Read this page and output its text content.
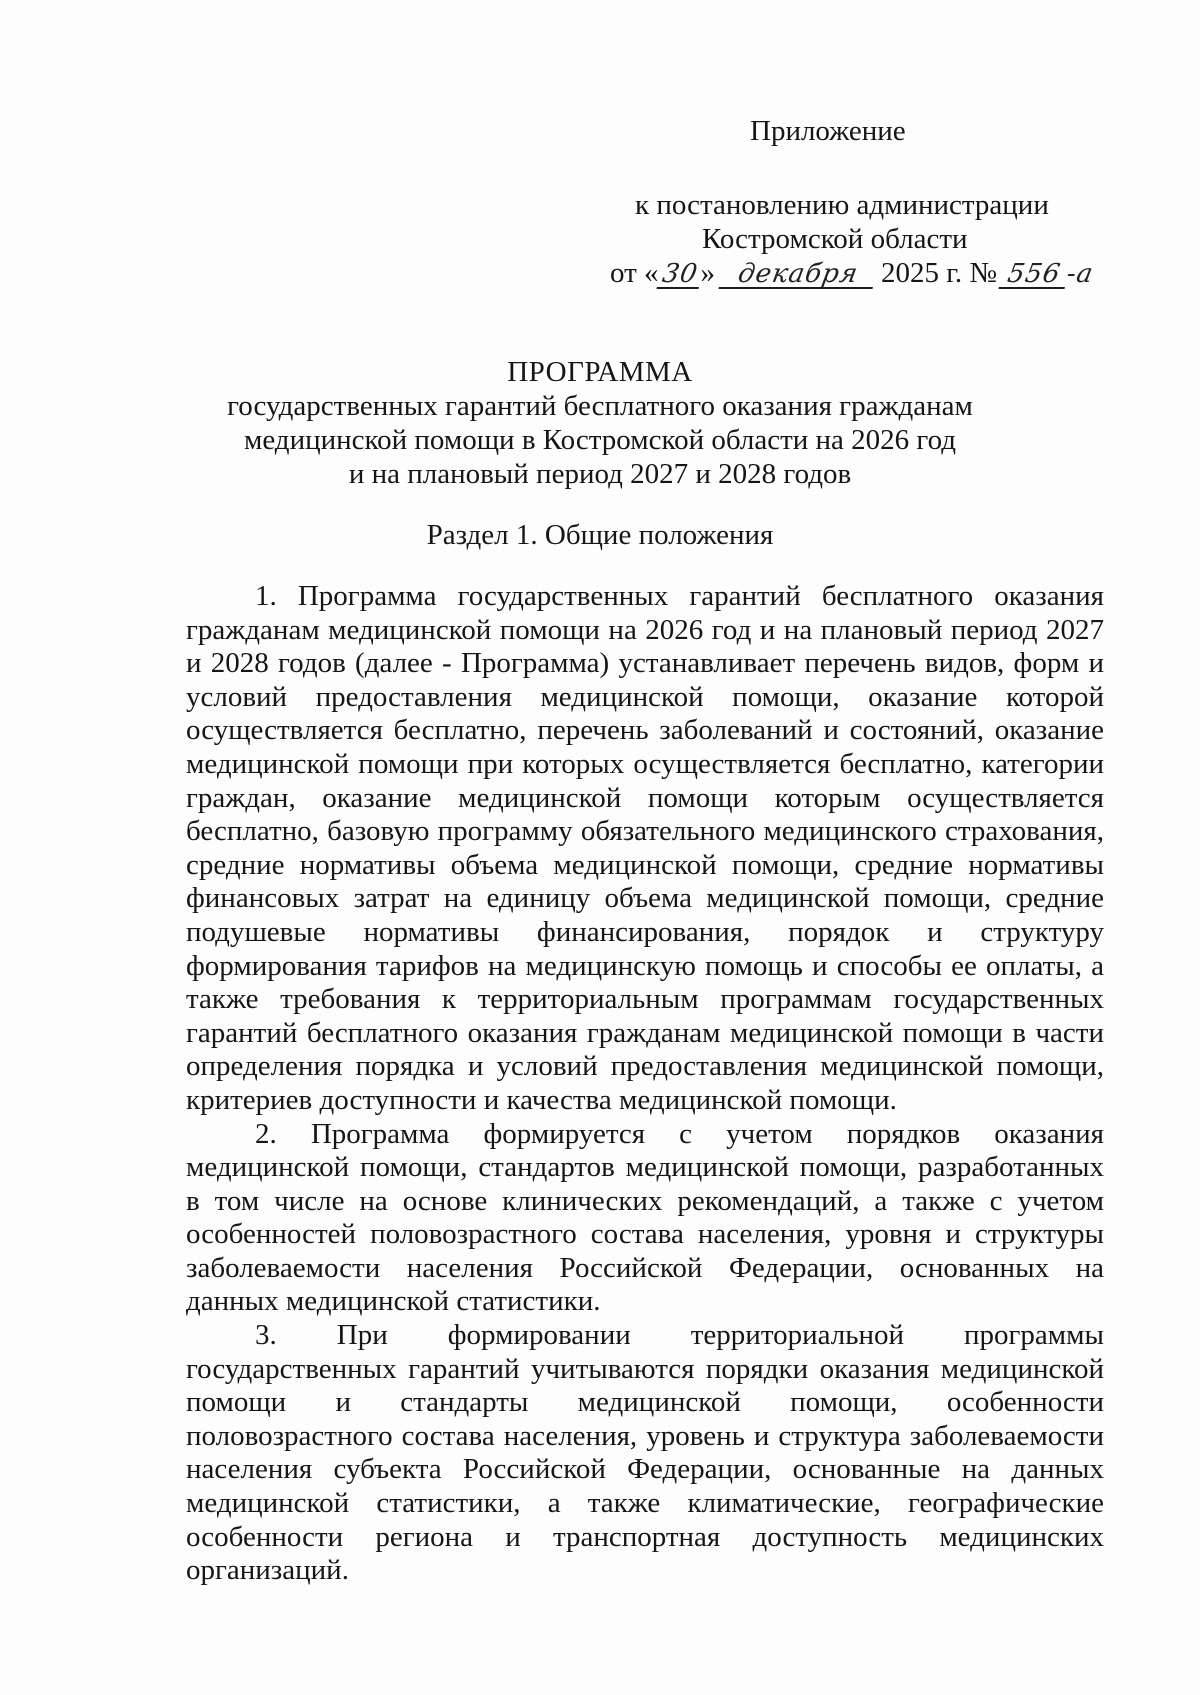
Приложение
к постановлению администрации
Костромской области
от «30» декабря 2025 г. № 556-а
ПРОГРАММА
государственных гарантий бесплатного оказания гражданам
медицинской помощи в Костромской области на 2026 год
и на плановый период 2027 и 2028 годов
Раздел 1. Общие положения

1. Программа государственных гарантий бесплатного оказания гражданам медицинской помощи на 2026 год и на плановый период 2027 и 2028 годов (далее - Программа) устанавливает перечень видов, форм и условий предоставления медицинской помощи, оказание которой осуществляется бесплатно, перечень заболеваний и состояний, оказание медицинской помощи при которых осуществляется бесплатно, категории граждан, оказание медицинской помощи которым осуществляется бесплатно, базовую программу обязательного медицинского страхования, средние нормативы объема медицинской помощи, средние нормативы финансовых затрат на единицу объема медицинской помощи, средние подушевые нормативы финансирования, порядок и структуру формирования тарифов на медицинскую помощь и способы ее оплаты, а также требования к территориальным программам государственных гарантий бесплатного оказания гражданам медицинской помощи в части определения порядка и условий предоставления медицинской помощи, критериев доступности и качества медицинской помощи.

2. Программа формируется с учетом порядков оказания медицинской помощи, стандартов медицинской помощи, разработанных в том числе на основе клинических рекомендаций, а также с учетом особенностей половозрастного состава населения, уровня и структуры заболеваемости населения Российской Федерации, основанных на данных медицинской статистики.

3. При формировании территориальной программы государственных гарантий учитываются порядки оказания медицинской помощи и стандарты медицинской помощи, особенности половозрастного состава населения, уровень и структура заболеваемости населения субъекта Российской Федерации, основанные на данных медицинской статистики, а также климатические, географические особенности региона и транспортная доступность медицинских организаций.
